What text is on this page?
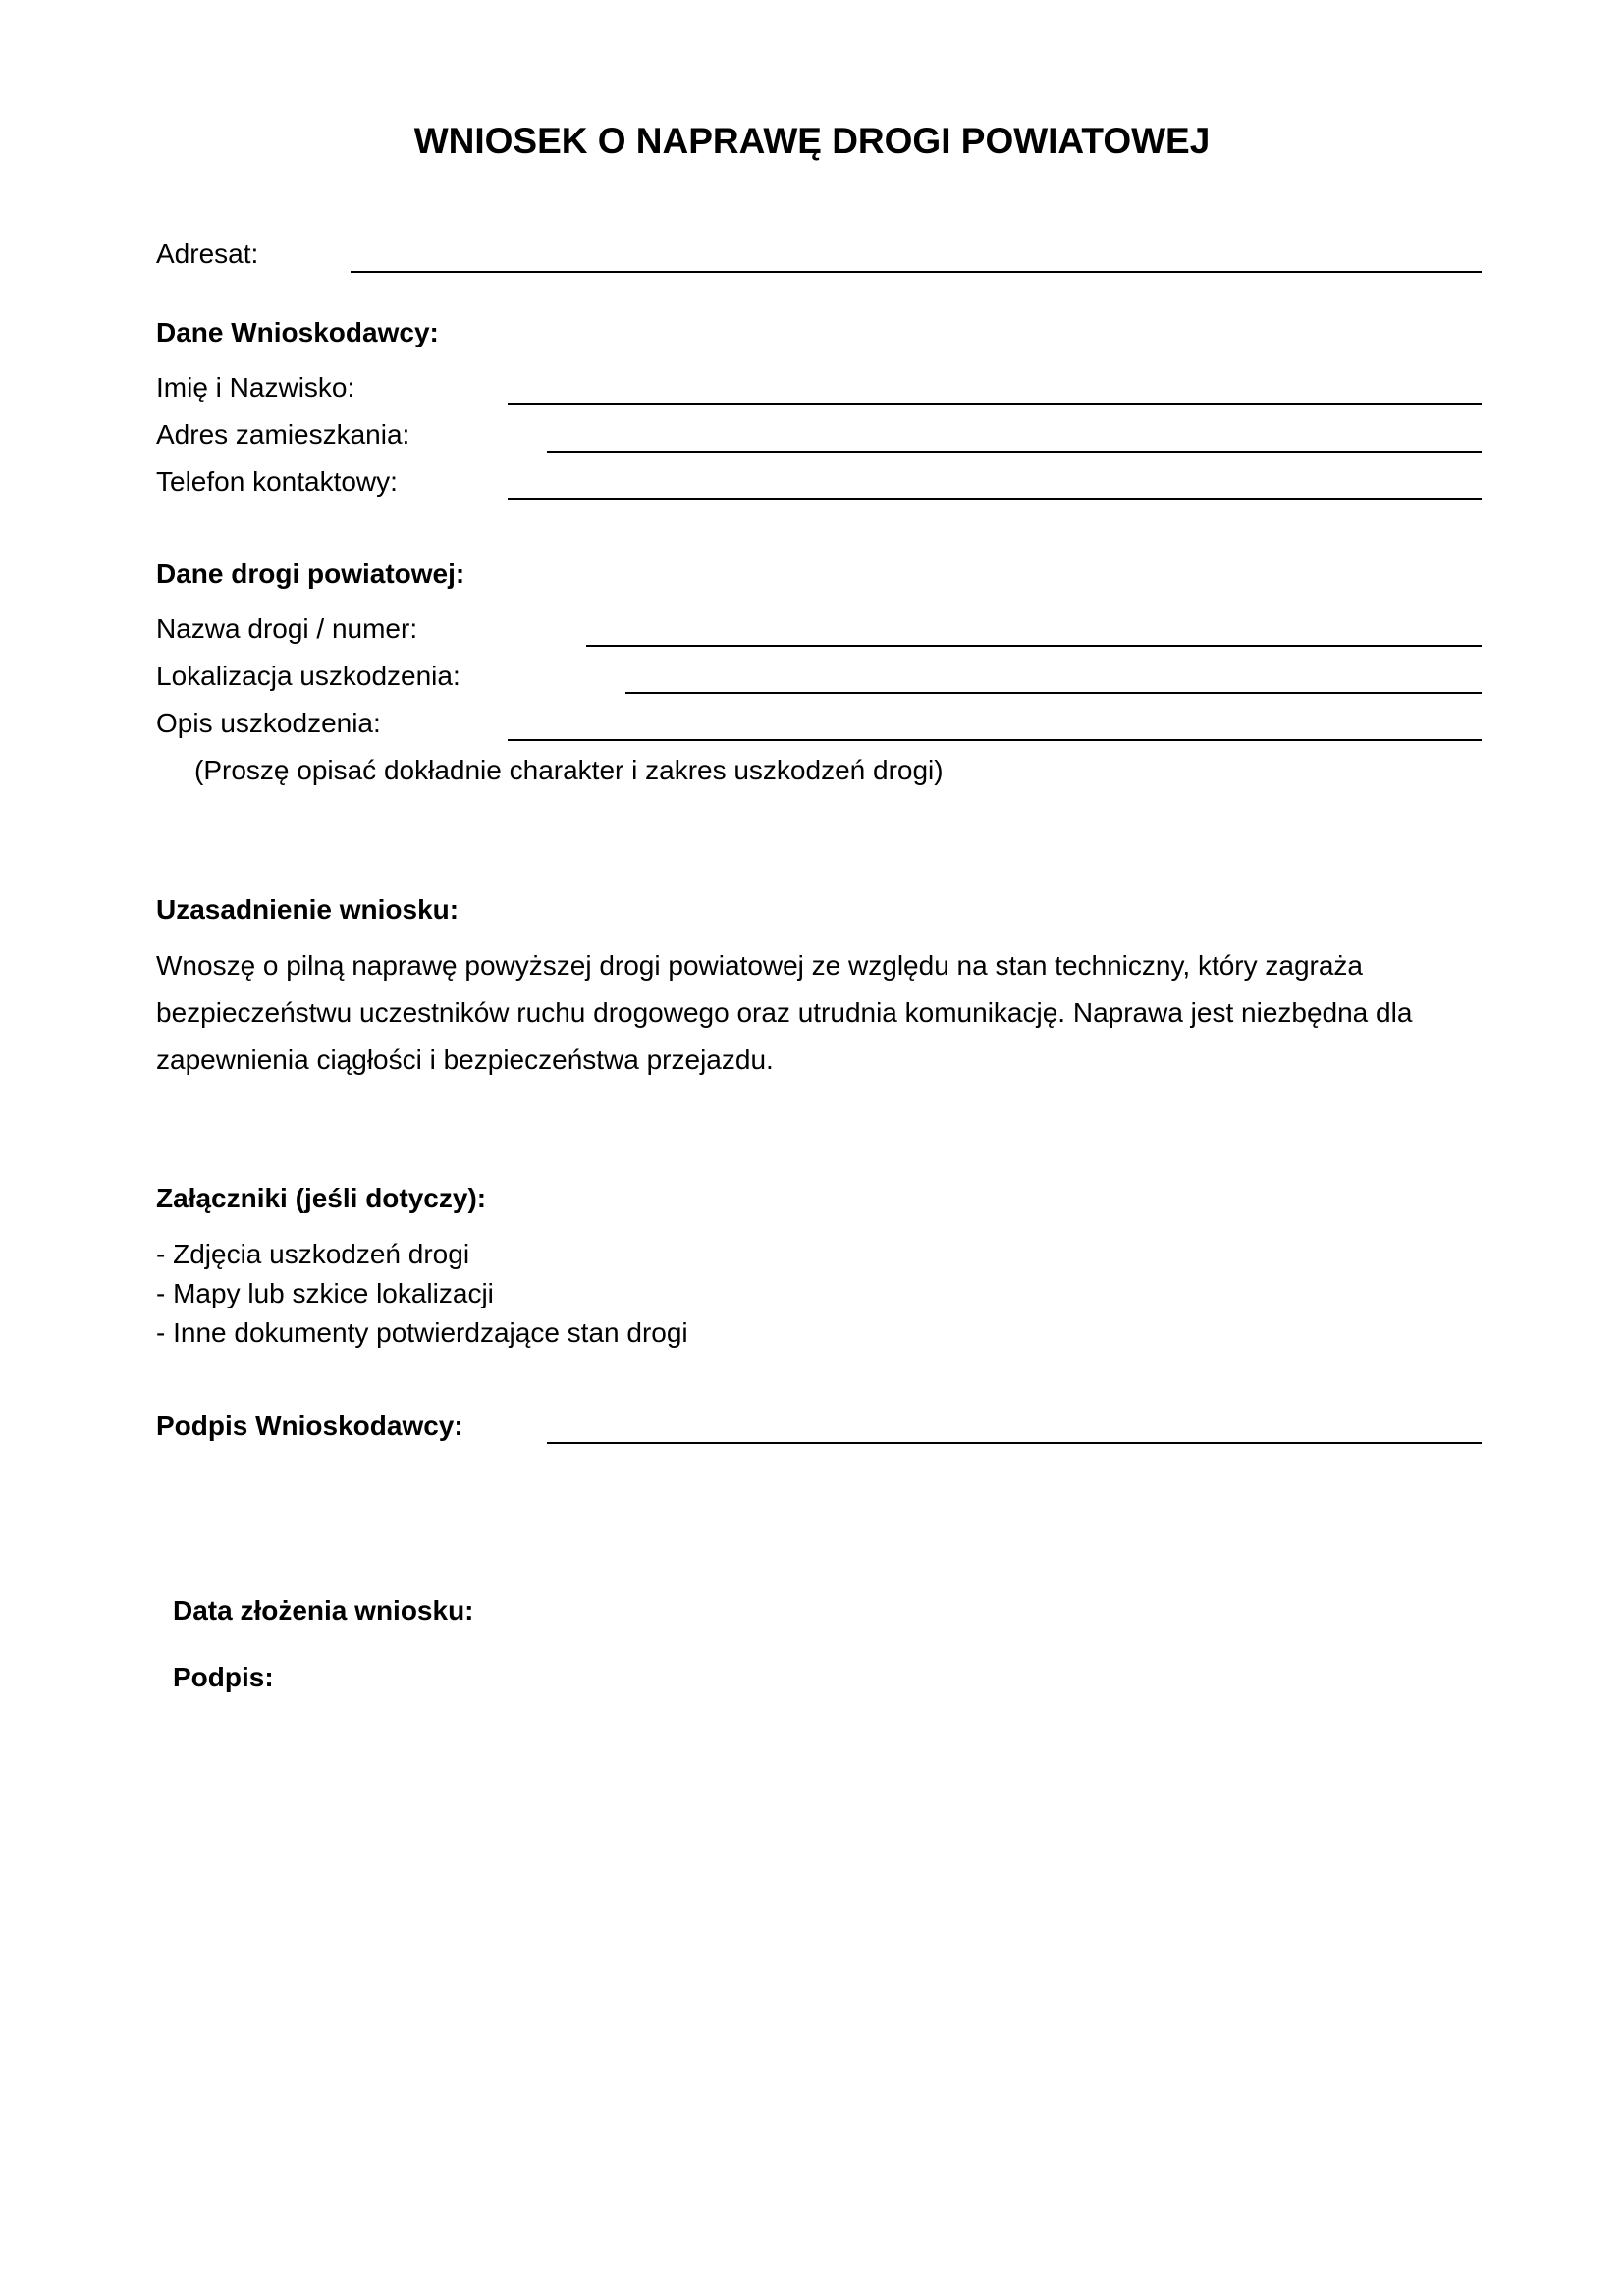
WNIOSEK O NAPRAWĘ DROGI POWIATOWEJ
Adresat:
Dane Wnioskodawcy:
Imię i Nazwisko:
Adres zamieszkania:
Telefon kontaktowy:
Dane drogi powiatowej:
Nazwa drogi / numer:
Lokalizacja uszkodzenia:
Opis uszkodzenia:
(Proszę opisać dokładnie charakter i zakres uszkodzeń drogi)
Uzasadnienie wniosku:
Wnoszę o pilną naprawę powyższej drogi powiatowej ze względu na stan techniczny, który zagraża
bezpieczeństwu uczestników ruchu drogowego oraz utrudnia komunikację. Naprawa jest niezbędna dla
zapewnienia ciągłości i bezpieczeństwa przejazdu.
Załączniki (jeśli dotyczy):
- Zdjęcia uszkodzeń drogi
- Mapy lub szkice lokalizacji
- Inne dokumenty potwierdzające stan drogi
Podpis Wnioskodawcy:
Data złożenia wniosku:
Podpis:
